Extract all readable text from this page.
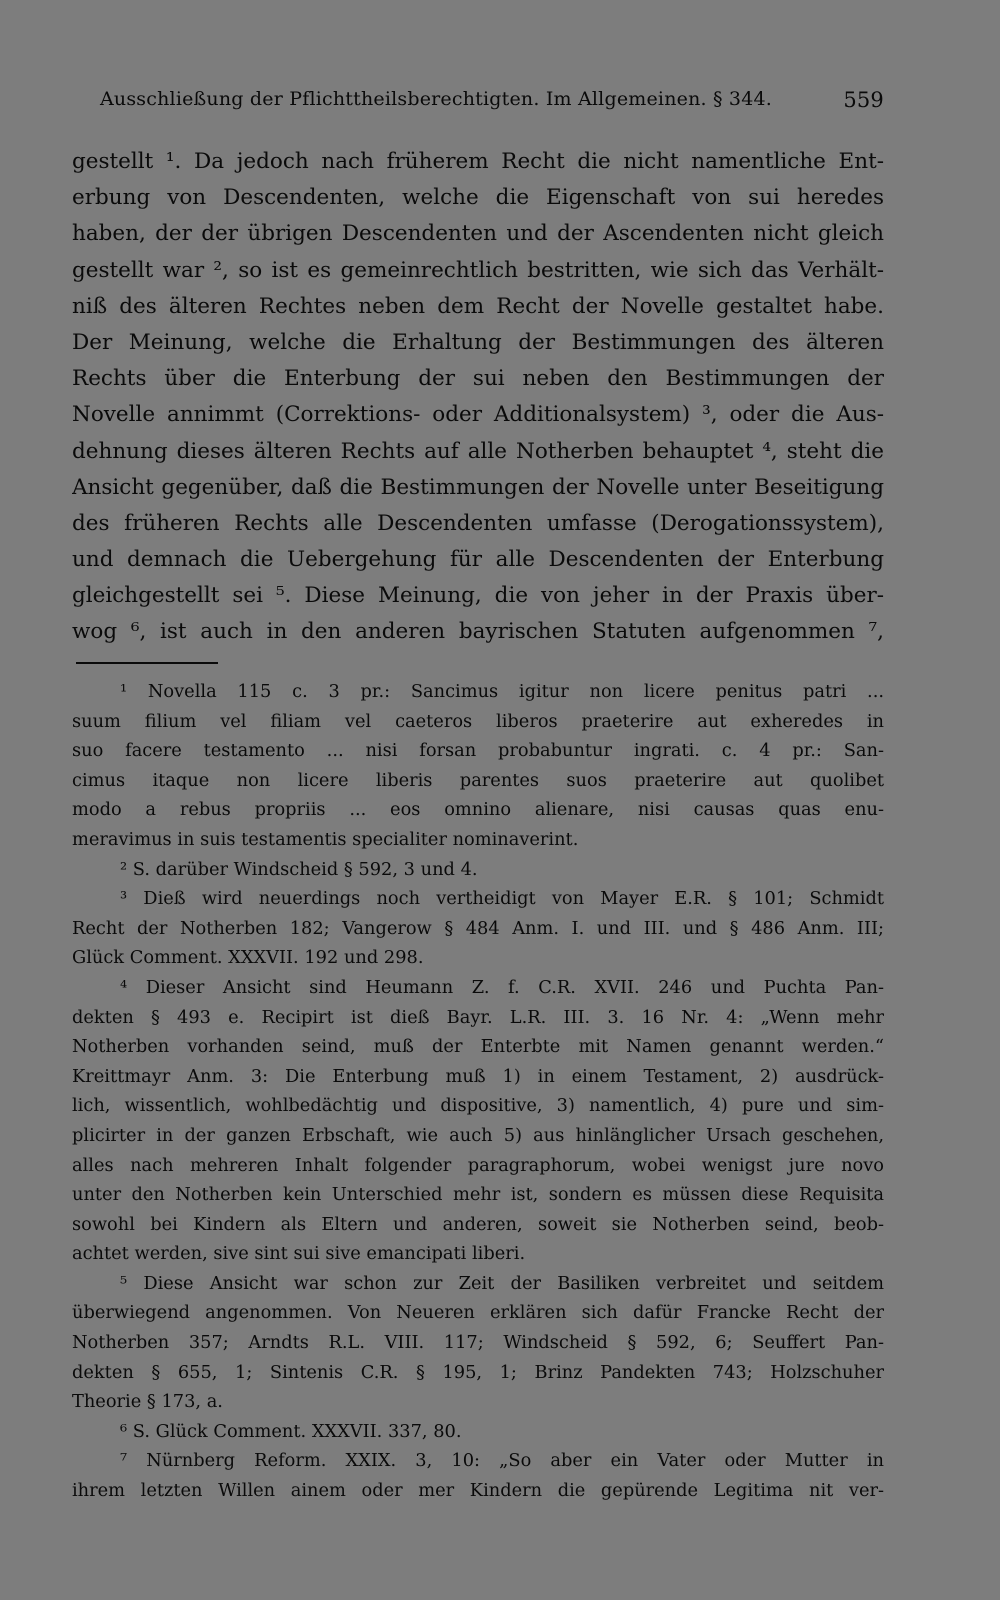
Ausschließung der Pflichttheilsberechtigten. Im Allgemeinen. § 344.	559
gestellt ¹. Da jedoch nach früherem Recht die nicht namentliche Ent-
erbung von Descendenten, welche die Eigenschaft von sui heredes
haben, der der übrigen Descendenten und der Ascendenten nicht gleich
gestellt war ², so ist es gemeinrechtlich bestritten, wie sich das Verhält-
niß des älteren Rechtes neben dem Recht der Novelle gestaltet habe.
Der Meinung, welche die Erhaltung der Bestimmungen des älteren
Rechts über die Enterbung der sui neben den Bestimmungen der
Novelle annimmt (Correktions- oder Additionalsystem) ³, oder die Aus-
dehnung dieses älteren Rechts auf alle Notherben behauptet ⁴, steht die
Ansicht gegenüber, daß die Bestimmungen der Novelle unter Beseitigung
des früheren Rechts alle Descendenten umfasse (Derogationssystem),
und demnach die Uebergehung für alle Descendenten der Enterbung
gleichgestellt sei ⁵. Diese Meinung, die von jeher in der Praxis über-
wog ⁶, ist auch in den anderen bayrischen Statuten aufgenommen ⁷,
¹ Novella 115 c. 3 pr.: Sancimus igitur non licere penitus patri ...
suum filium vel filiam vel caeteros liberos praeterire aut exheredes in
suo facere testamento ... nisi forsan probabuntur ingrati. c. 4 pr.: San-
cimus itaque non licere liberis parentes suos praeterire aut quolibet
modo a rebus propriis ... eos omnino alienare, nisi causas quas enu-
meravimus in suis testamentis specialiter nominaverint.
² S. darüber Windscheid § 592, 3 und 4.
³ Dieß wird neuerdings noch vertheidigt von Mayer E.R. § 101; Schmidt
Recht der Notherben 182; Vangerow § 484 Anm. I. und III. und § 486 Anm. III;
Glück Comment. XXXVII. 192 und 298.
⁴ Dieser Ansicht sind Heumann Z. f. C.R. XVII. 246 und Puchta Pan-
dekten § 493 e. Recipirt ist dieß Bayr. L.R. III. 3. 16 Nr. 4: „Wenn mehr
Notherben vorhanden seind, muß der Enterbte mit Namen genannt werden.“
Kreittmayr Anm. 3: Die Enterbung muß 1) in einem Testament, 2) ausdrück-
lich, wissentlich, wohlbedächtig und dispositive, 3) namentlich, 4) pure und sim-
plicirter in der ganzen Erbschaft, wie auch 5) aus hinlänglicher Ursach geschehen,
alles nach mehreren Inhalt folgender paragraphorum, wobei wenigst jure novo
unter den Notherben kein Unterschied mehr ist, sondern es müssen diese Requisita
sowohl bei Kindern als Eltern und anderen, soweit sie Notherben seind, beob-
achtet werden, sive sint sui sive emancipati liberi.
⁵ Diese Ansicht war schon zur Zeit der Basiliken verbreitet und seitdem
überwiegend angenommen. Von Neueren erklären sich dafür Francke Recht der
Notherben 357; Arndts R.L. VIII. 117; Windscheid § 592, 6; Seuffert Pan-
dekten § 655, 1; Sintenis C.R. § 195, 1; Brinz Pandekten 743; Holzschuher
Theorie § 173, a.
⁶ S. Glück Comment. XXXVII. 337, 80.
⁷ Nürnberg Reform. XXIX. 3, 10: „So aber ein Vater oder Mutter in
ihrem letzten Willen ainem oder mer Kindern die gepürende Legitima nit ver-
